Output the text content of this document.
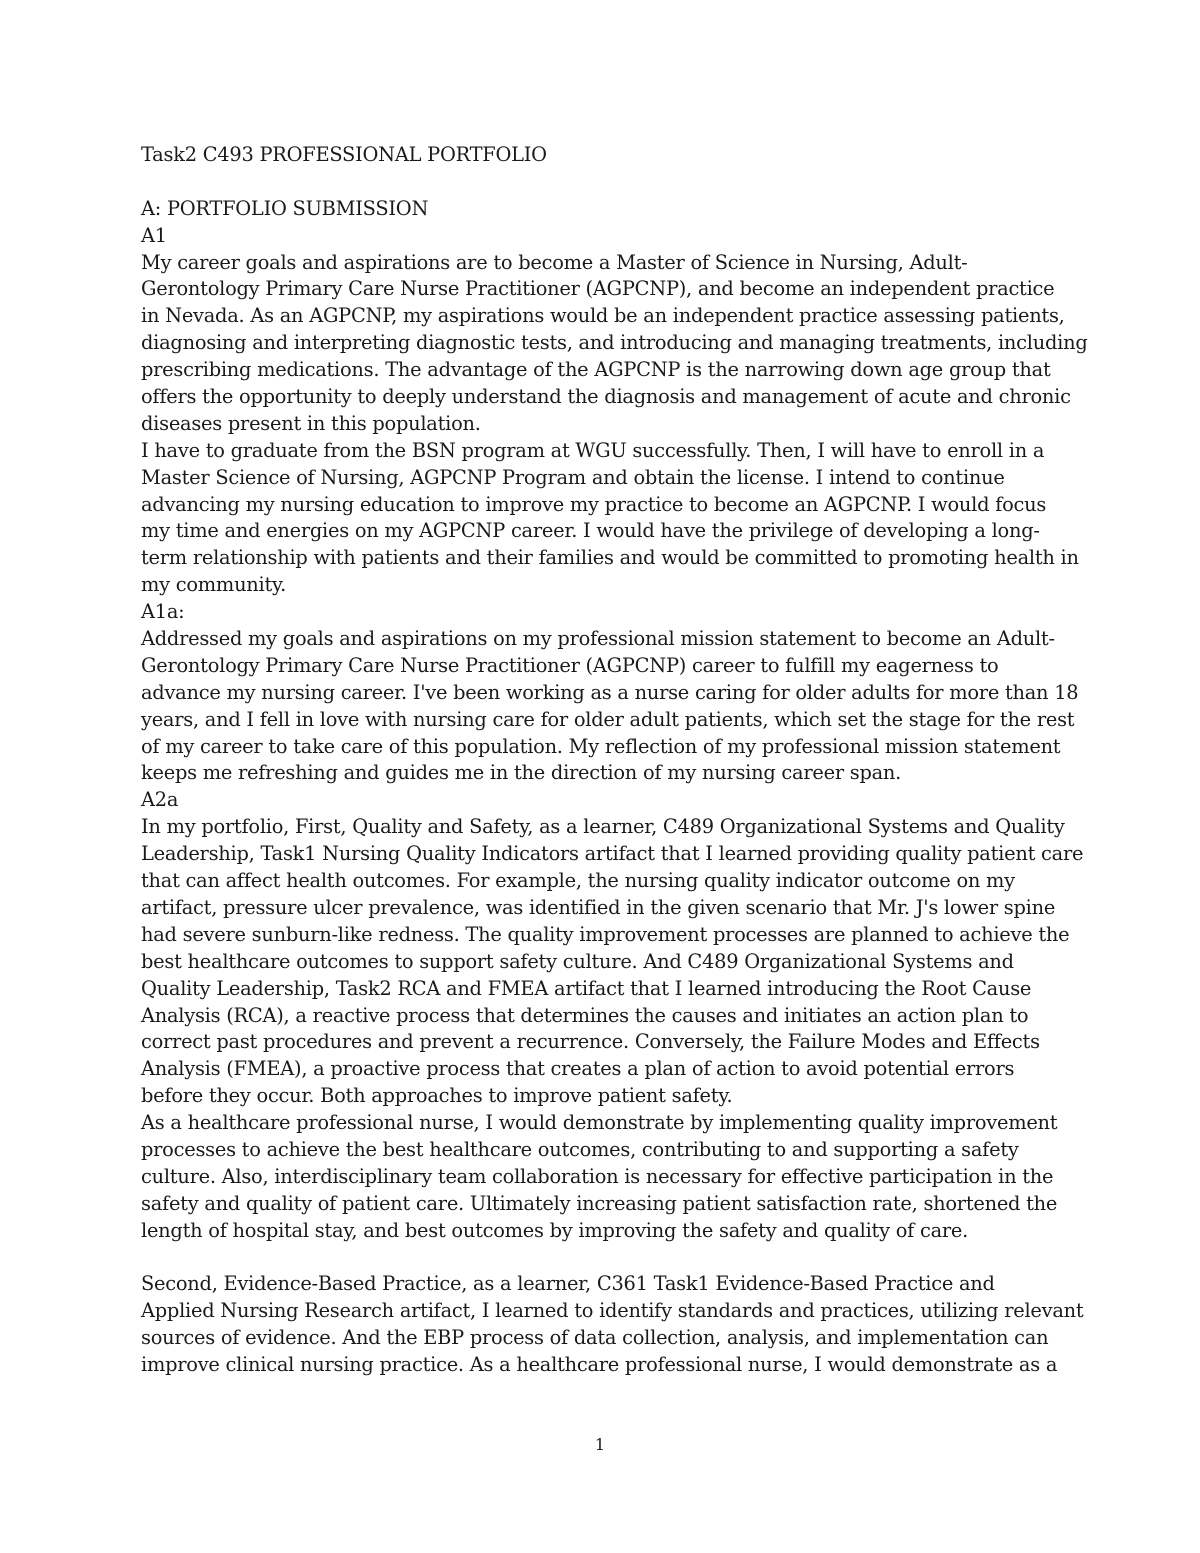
Task2 C493 PROFESSIONAL PORTFOLIO
A: PORTFOLIO SUBMISSION
A1
My career goals and aspirations are to become a Master of Science in Nursing, Adult-
Gerontology Primary Care Nurse Practitioner (AGPCNP), and become an independent practice
in Nevada. As an AGPCNP, my aspirations would be an independent practice assessing patients,
diagnosing and interpreting diagnostic tests, and introducing and managing treatments, including
prescribing medications. The advantage of the AGPCNP is the narrowing down age group that
offers the opportunity to deeply understand the diagnosis and management of acute and chronic
diseases present in this population.
I have to graduate from the BSN program at WGU successfully. Then, I will have to enroll in a
Master Science of Nursing, AGPCNP Program and obtain the license. I intend to continue
advancing my nursing education to improve my practice to become an AGPCNP. I would focus
my time and energies on my AGPCNP career. I would have the privilege of developing a long-
term relationship with patients and their families and would be committed to promoting health in
my community.
A1a:
Addressed my goals and aspirations on my professional mission statement to become an Adult-
Gerontology Primary Care Nurse Practitioner (AGPCNP) career to fulfill my eagerness to
advance my nursing career. I've been working as a nurse caring for older adults for more than 18
years, and I fell in love with nursing care for older adult patients, which set the stage for the rest
of my career to take care of this population. My reflection of my professional mission statement
keeps me refreshing and guides me in the direction of my nursing career span.
A2a
In my portfolio, First, Quality and Safety, as a learner, C489 Organizational Systems and Quality
Leadership, Task1 Nursing Quality Indicators artifact that I learned providing quality patient care
that can affect health outcomes. For example, the nursing quality indicator outcome on my
artifact, pressure ulcer prevalence, was identified in the given scenario that Mr. J's lower spine
had severe sunburn-like redness. The quality improvement processes are planned to achieve the
best healthcare outcomes to support safety culture. And C489 Organizational Systems and
Quality Leadership, Task2 RCA and FMEA artifact that I learned introducing the Root Cause
Analysis (RCA), a reactive process that determines the causes and initiates an action plan to
correct past procedures and prevent a recurrence. Conversely, the Failure Modes and Effects
Analysis (FMEA), a proactive process that creates a plan of action to avoid potential errors
before they occur. Both approaches to improve patient safety.
As a healthcare professional nurse, I would demonstrate by implementing quality improvement
processes to achieve the best healthcare outcomes, contributing to and supporting a safety
culture. Also, interdisciplinary team collaboration is necessary for effective participation in the
safety and quality of patient care. Ultimately increasing patient satisfaction rate, shortened the
length of hospital stay, and best outcomes by improving the safety and quality of care.
Second, Evidence-Based Practice, as a learner, C361 Task1 Evidence-Based Practice and
Applied Nursing Research artifact, I learned to identify standards and practices, utilizing relevant
sources of evidence. And the EBP process of data collection, analysis, and implementation can
improve clinical nursing practice. As a healthcare professional nurse, I would demonstrate as a
1
